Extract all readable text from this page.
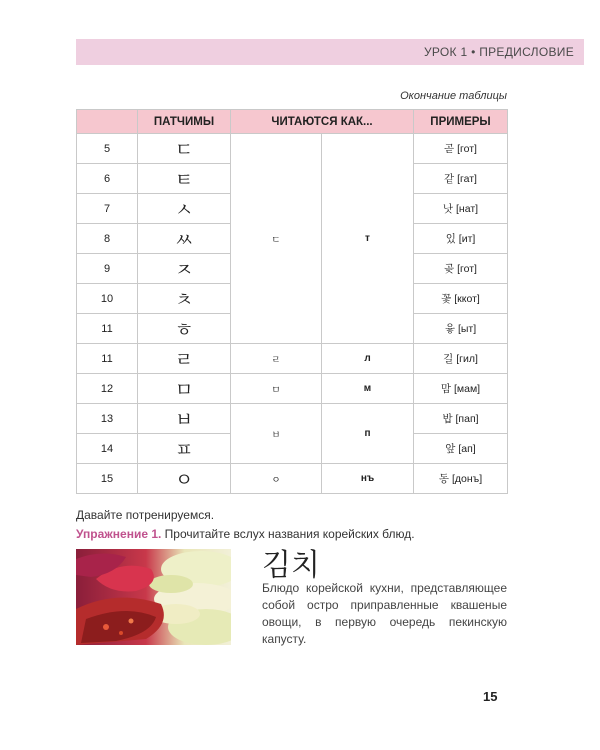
УРОК 1 • ПРЕДИСЛОВИЕ
Окончание таблицы
	ПАТЧИМЫ	ЧИТАЮТСЯ КАК...		ПРИМЕРЫ
5	ㄷ	ㄷ	т	곧 [гот]
6	ㅌ			같 [гат]
7	ㅅ			낫 [нат]
8	ㅆ			있 [ит]
9	ㅈ			곶 [гот]
10	ㅊ			꽃 [ккот]
11	ㅎ			윻 [ыт]
11	ㄹ	ㄹ	л	길 [гил]
12	ㅁ	ㅁ	м	맘 [мам]
13	ㅂ	ㅂ	п	밥 [пап]
14	ㅍ			앞 [ап]
15	ㅇ	ㅇ	нъ	동 [донъ]
Давайте потренируемся.
Упражнение 1. Прочитайте вслух названия корейских блюд.
김치
Блюдо корейской кухни, представляющее собой остро приправленные квашеные овощи, в первую очередь пекинскую капусту.
15
